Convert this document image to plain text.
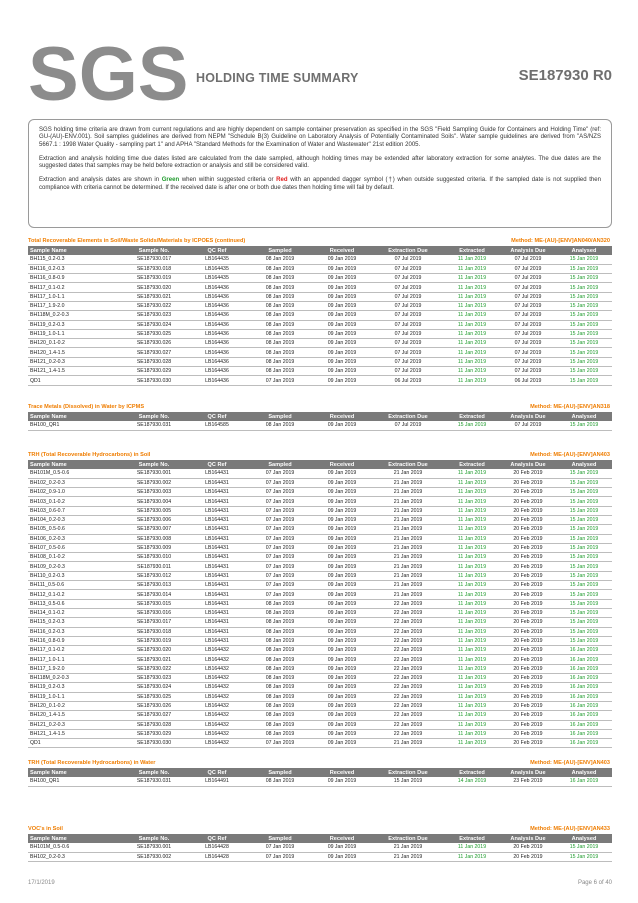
SGS HOLDING TIME SUMMARY	SE187930 R0

SGS holding time criteria are drawn from current regulations and are highly dependent on sample container preservation as specified in the SGS "Field Sampling Guide for Containers and Holding Time" (ref: GU-(AU)-ENV.001). Soil samples guidelines are derived from NEPM "Schedule B(3) Guideline on Laboratory Analysis of Potentially Contaminated Soils". Water sample guidelines are derived from "AS/NZS 5667.1 : 1998 Water Quality - sampling part 1" and APHA "Standard Methods for the Examination of Water and Wastewater" 21st edition 2005.

Extraction and analysis holding time due dates listed are calculated from the date sampled, although holding times may be extended after laboratory extraction for some analytes. The due dates are the suggested dates that samples may be held before extraction or analysis and still be considered valid.

Extraction and analysis dates are shown in Green when within suggested criteria or Red with an appended dagger symbol (†) when outside suggested criteria. If the sampled date is not supplied then compliance with criteria cannot be determined. If the received date is after one or both due dates then holding time will fail by default.

Total Recoverable Elements in Soil/Waste Solids/Materials by ICPOES (continued)	Method: ME-(AU)-[ENV]AN040/AN320
Sample Name	Sample No.	QC Ref	Sampled	Received	Extraction Due	Extracted	Analysis Due	Analysed
BH115_0.2-0.3	SE187930.017	LB164435	08 Jan 2019	09 Jan 2019	07 Jul 2019	11 Jan 2019	07 Jul 2019	15 Jan 2019
BH116_0.2-0.3	SE187930.018	LB164435	08 Jan 2019	09 Jan 2019	07 Jul 2019	11 Jan 2019	07 Jul 2019	15 Jan 2019
BH116_0.8-0.9	SE187930.019	LB164435	08 Jan 2019	09 Jan 2019	07 Jul 2019	11 Jan 2019	07 Jul 2019	15 Jan 2019
BH117_0.1-0.2	SE187930.020	LB164436	08 Jan 2019	09 Jan 2019	07 Jul 2019	11 Jan 2019	07 Jul 2019	15 Jan 2019
BH117_1.0-1.1	SE187930.021	LB164436	08 Jan 2019	09 Jan 2019	07 Jul 2019	11 Jan 2019	07 Jul 2019	15 Jan 2019
BH117_1.9-2.0	SE187930.022	LB164436	08 Jan 2019	09 Jan 2019	07 Jul 2019	11 Jan 2019	07 Jul 2019	15 Jan 2019
BH118M_0.2-0.3	SE187930.023	LB164436	08 Jan 2019	09 Jan 2019	07 Jul 2019	11 Jan 2019	07 Jul 2019	15 Jan 2019
BH119_0.2-0.3	SE187930.024	LB164436	08 Jan 2019	09 Jan 2019	07 Jul 2019	11 Jan 2019	07 Jul 2019	15 Jan 2019
BH119_1.0-1.1	SE187930.025	LB164436	08 Jan 2019	09 Jan 2019	07 Jul 2019	11 Jan 2019	07 Jul 2019	15 Jan 2019
BH120_0.1-0.2	SE187930.026	LB164436	08 Jan 2019	09 Jan 2019	07 Jul 2019	11 Jan 2019	07 Jul 2019	15 Jan 2019
BH120_1.4-1.5	SE187930.027	LB164436	08 Jan 2019	09 Jan 2019	07 Jul 2019	11 Jan 2019	07 Jul 2019	15 Jan 2019
BH121_0.2-0.3	SE187930.028	LB164436	08 Jan 2019	09 Jan 2019	07 Jul 2019	11 Jan 2019	07 Jul 2019	15 Jan 2019
BH121_1.4-1.5	SE187930.029	LB164436	08 Jan 2019	09 Jan 2019	07 Jul 2019	11 Jan 2019	07 Jul 2019	15 Jan 2019
QD1	SE187930.030	LB164436	07 Jan 2019	09 Jan 2019	06 Jul 2019	11 Jan 2019	06 Jul 2019	15 Jan 2019
Trace Metals (Dissolved) in Water by ICPMS	Method: ME-(AU)-[ENV]AN318
Sample Name	Sample No.	QC Ref	Sampled	Received	Extraction Due	Extracted	Analysis Due	Analysed
BH100_QR1	SE187930.031	LB164585	08 Jan 2019	09 Jan 2019	07 Jul 2019	15 Jan 2019	07 Jul 2019	15 Jan 2019
TRH (Total Recoverable Hydrocarbons) in Soil	Method: ME-(AU)-[ENV]AN403
Sample Name	Sample No.	QC Ref	Sampled	Received	Extraction Due	Extracted	Analysis Due	Analysed
BH101M_0.5-0.6	SE187930.001	LB164431	07 Jan 2019	09 Jan 2019	21 Jan 2019	11 Jan 2019	20 Feb 2019	15 Jan 2019
BH102_0.2-0.3	SE187930.002	LB164431	07 Jan 2019	09 Jan 2019	21 Jan 2019	11 Jan 2019	20 Feb 2019	15 Jan 2019
BH102_0.9-1.0	SE187930.003	LB164431	07 Jan 2019	09 Jan 2019	21 Jan 2019	11 Jan 2019	20 Feb 2019	15 Jan 2019
BH103_0.1-0.2	SE187930.004	LB164431	07 Jan 2019	09 Jan 2019	21 Jan 2019	11 Jan 2019	20 Feb 2019	15 Jan 2019
BH103_0.6-0.7	SE187930.005	LB164431	07 Jan 2019	09 Jan 2019	21 Jan 2019	11 Jan 2019	20 Feb 2019	15 Jan 2019
BH104_0.2-0.3	SE187930.006	LB164431	07 Jan 2019	09 Jan 2019	21 Jan 2019	11 Jan 2019	20 Feb 2019	15 Jan 2019
BH105_0.5-0.6	SE187930.007	LB164431	07 Jan 2019	09 Jan 2019	21 Jan 2019	11 Jan 2019	20 Feb 2019	15 Jan 2019
BH106_0.2-0.3	SE187930.008	LB164431	07 Jan 2019	09 Jan 2019	21 Jan 2019	11 Jan 2019	20 Feb 2019	15 Jan 2019
BH107_0.5-0.6	SE187930.009	LB164431	07 Jan 2019	09 Jan 2019	21 Jan 2019	11 Jan 2019	20 Feb 2019	15 Jan 2019
BH108_0.1-0.2	SE187930.010	LB164431	07 Jan 2019	09 Jan 2019	21 Jan 2019	11 Jan 2019	20 Feb 2019	15 Jan 2019
BH109_0.2-0.3	SE187930.011	LB164431	07 Jan 2019	09 Jan 2019	21 Jan 2019	11 Jan 2019	20 Feb 2019	15 Jan 2019
BH110_0.2-0.3	SE187930.012	LB164431	07 Jan 2019	09 Jan 2019	21 Jan 2019	11 Jan 2019	20 Feb 2019	15 Jan 2019
BH111_0.5-0.6	SE187930.013	LB164431	07 Jan 2019	09 Jan 2019	21 Jan 2019	11 Jan 2019	20 Feb 2019	15 Jan 2019
BH112_0.1-0.2	SE187930.014	LB164431	07 Jan 2019	09 Jan 2019	21 Jan 2019	11 Jan 2019	20 Feb 2019	15 Jan 2019
BH113_0.5-0.6	SE187930.015	LB164431	08 Jan 2019	09 Jan 2019	22 Jan 2019	11 Jan 2019	20 Feb 2019	15 Jan 2019
BH114_0.1-0.2	SE187930.016	LB164431	08 Jan 2019	09 Jan 2019	22 Jan 2019	11 Jan 2019	20 Feb 2019	15 Jan 2019
BH115_0.2-0.3	SE187930.017	LB164431	08 Jan 2019	09 Jan 2019	22 Jan 2019	11 Jan 2019	20 Feb 2019	15 Jan 2019
BH116_0.2-0.3	SE187930.018	LB164431	08 Jan 2019	09 Jan 2019	22 Jan 2019	11 Jan 2019	20 Feb 2019	15 Jan 2019
BH116_0.8-0.9	SE187930.019	LB164431	08 Jan 2019	09 Jan 2019	22 Jan 2019	11 Jan 2019	20 Feb 2019	15 Jan 2019
BH117_0.1-0.2	SE187930.020	LB164432	08 Jan 2019	09 Jan 2019	22 Jan 2019	11 Jan 2019	20 Feb 2019	16 Jan 2019
BH117_1.0-1.1	SE187930.021	LB164432	08 Jan 2019	09 Jan 2019	22 Jan 2019	11 Jan 2019	20 Feb 2019	16 Jan 2019
BH117_1.9-2.0	SE187930.022	LB164432	08 Jan 2019	09 Jan 2019	22 Jan 2019	11 Jan 2019	20 Feb 2019	16 Jan 2019
BH118M_0.2-0.3	SE187930.023	LB164432	08 Jan 2019	09 Jan 2019	22 Jan 2019	11 Jan 2019	20 Feb 2019	16 Jan 2019
BH119_0.2-0.3	SE187930.024	LB164432	08 Jan 2019	09 Jan 2019	22 Jan 2019	11 Jan 2019	20 Feb 2019	16 Jan 2019
BH119_1.0-1.1	SE187930.025	LB164432	08 Jan 2019	09 Jan 2019	22 Jan 2019	11 Jan 2019	20 Feb 2019	16 Jan 2019
BH120_0.1-0.2	SE187930.026	LB164432	08 Jan 2019	09 Jan 2019	22 Jan 2019	11 Jan 2019	20 Feb 2019	16 Jan 2019
BH120_1.4-1.5	SE187930.027	LB164432	08 Jan 2019	09 Jan 2019	22 Jan 2019	11 Jan 2019	20 Feb 2019	16 Jan 2019
BH121_0.2-0.3	SE187930.028	LB164432	08 Jan 2019	09 Jan 2019	22 Jan 2019	11 Jan 2019	20 Feb 2019	16 Jan 2019
BH121_1.4-1.5	SE187930.029	LB164432	08 Jan 2019	09 Jan 2019	22 Jan 2019	11 Jan 2019	20 Feb 2019	16 Jan 2019
QD1	SE187930.030	LB164432	07 Jan 2019	09 Jan 2019	21 Jan 2019	11 Jan 2019	20 Feb 2019	16 Jan 2019
TRH (Total Recoverable Hydrocarbons) in Water	Method: ME-(AU)-[ENV]AN403
Sample Name	Sample No.	QC Ref	Sampled	Received	Extraction Due	Extracted	Analysis Due	Analysed
BH100_QR1	SE187930.031	LB164491	08 Jan 2019	09 Jan 2019	15 Jan 2019	14 Jan 2019	23 Feb 2019	16 Jan 2019
VOC's in Soil	Method: ME-(AU)-[ENV]AN433
Sample Name	Sample No.	QC Ref	Sampled	Received	Extraction Due	Extracted	Analysis Due	Analysed
BH101M_0.5-0.6	SE187930.001	LB164428	07 Jan 2019	09 Jan 2019	21 Jan 2019	11 Jan 2019	20 Feb 2019	15 Jan 2019
BH102_0.2-0.3	SE187930.002	LB164428	07 Jan 2019	09 Jan 2019	21 Jan 2019	11 Jan 2019	20 Feb 2019	15 Jan 2019
17/1/2019	Page 6 of 40
